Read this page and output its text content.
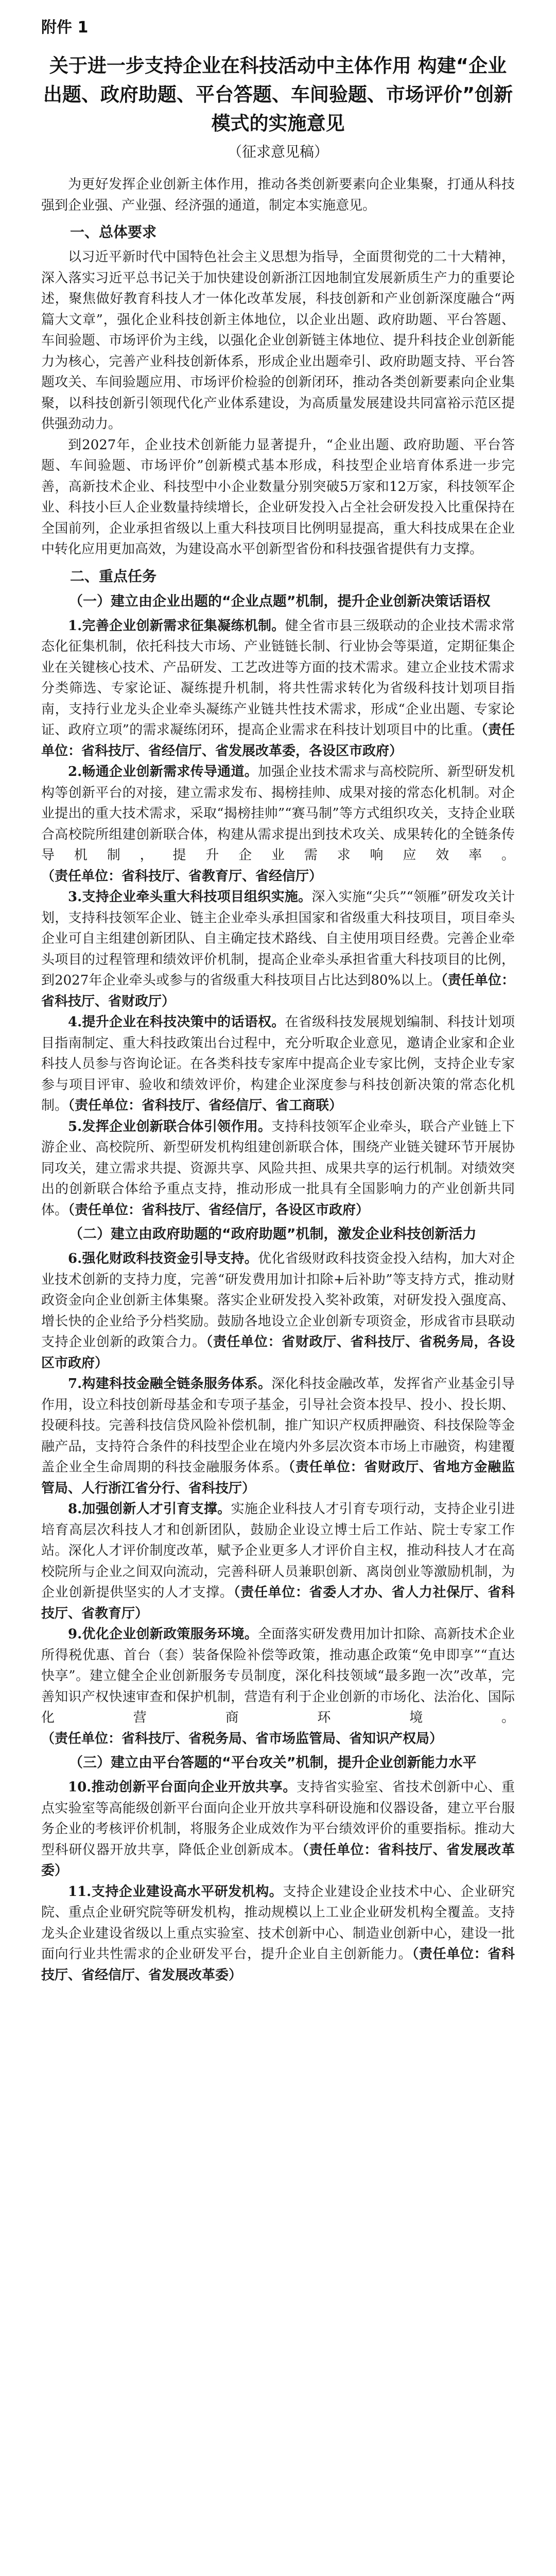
附件 1
关于进一步支持企业在科技活动中主体作用 构建“企业出题、政府助题、平台答题、车间验题、市场评价”创新模式的实施意见
（征求意见稿）

为更好发挥企业创新主体作用，推动各类创新要素向企业集聚，打通从科技强到企业强、产业强、经济强的通道，制定本实施意见。

一、总体要求

以习近平新时代中国特色社会主义思想为指导，全面贯彻党的二十大精神，深入落实习近平总书记关于加快建设创新浙江因地制宜发展新质生产力的重要论述，聚焦做好教育科技人才一体化改革发展，科技创新和产业创新深度融合“两篇大文章”，强化企业科技创新主体地位，以企业出题、政府助题、平台答题、车间验题、市场评价为主线，以强化企业创新链主体地位、提升科技企业创新能力为核心，完善产业科技创新体系，形成企业出题牵引、政府助题支持、平台答题攻关、车间验题应用、市场评价检验的创新闭环，推动各类创新要素向企业集聚，以科技创新引领现代化产业体系建设，为高质量发展建设共同富裕示范区提供强劲动力。

到2027年，企业技术创新能力显著提升，“企业出题、政府助题、平台答题、车间验题、市场评价”创新模式基本形成，科技型企业培育体系进一步完善，高新技术企业、科技型中小企业数量分别突破5万家和12万家，科技领军企业、科技小巨人企业数量持续增长，企业研发投入占全社会研发投入比重保持在全国前列，企业承担省级以上重大科技项目比例明显提高，重大科技成果在企业中转化应用更加高效，为建设高水平创新型省份和科技强省提供有力支撑。

二、重点任务
（一）建立由企业出题的“企业点题”机制，提升企业创新决策话语权

1.完善企业创新需求征集凝练机制。健全省市县三级联动的企业技术需求常态化征集机制，依托科技大市场、产业链链长制、行业协会等渠道，定期征集企业在关键核心技术、产品研发、工艺改进等方面的技术需求。建立企业技术需求分类筛选、专家论证、凝练提升机制，将共性需求转化为省级科技计划项目指南，支持行业龙头企业牵头凝练产业链共性技术需求，形成“企业出题、专家论证、政府立项”的需求凝练闭环，提高企业需求在科技计划项目中的比重。（责任单位：省科技厅、省经信厅、省发展改革委，各设区市政府）

2.畅通企业创新需求传导通道。加强企业技术需求与高校院所、新型研发机构等创新平台的对接，建立需求发布、揭榜挂帅、成果对接的常态化机制。对企业提出的重大技术需求，采取“揭榜挂帅”“赛马制”等方式组织攻关，支持企业联合高校院所组建创新联合体，构建从需求提出到技术攻关、成果转化的全链条传导机制，提升企业需求响应效率。（责任单位：省科技厅、省教育厅、省经信厅）

3.支持企业牵头重大科技项目组织实施。深入实施“尖兵”“领雁”研发攻关计划，支持科技领军企业、链主企业牵头承担国家和省级重大科技项目，项目牵头企业可自主组建创新团队、自主确定技术路线、自主使用项目经费。完善企业牵头项目的过程管理和绩效评价机制，提高企业牵头承担省重大科技项目的比例，到2027年企业牵头或参与的省级重大科技项目占比达到80%以上。（责任单位：省科技厅、省财政厅）

4.提升企业在科技决策中的话语权。在省级科技发展规划编制、科技计划项目指南制定、重大科技政策出台过程中，充分听取企业意见，邀请企业家和企业科技人员参与咨询论证。在各类科技专家库中提高企业专家比例，支持企业专家参与项目评审、验收和绩效评价，构建企业深度参与科技创新决策的常态化机制。（责任单位：省科技厅、省经信厅、省工商联）

5.发挥企业创新联合体引领作用。支持科技领军企业牵头，联合产业链上下游企业、高校院所、新型研发机构组建创新联合体，围绕产业链关键环节开展协同攻关，建立需求共提、资源共享、风险共担、成果共享的运行机制。对绩效突出的创新联合体给予重点支持，推动形成一批具有全国影响力的产业创新共同体。（责任单位：省科技厅、省经信厅，各设区市政府）

（二）建立由政府助题的“政府助题”机制，激发企业科技创新活力

6.强化财政科技资金引导支持。优化省级财政科技资金投入结构，加大对企业技术创新的支持力度，完善“研发费用加计扣除+后补助”等支持方式，推动财政资金向企业创新主体集聚。落实企业研发投入奖补政策，对研发投入强度高、增长快的企业给予分档奖励。鼓励各地设立企业创新专项资金，形成省市县联动支持企业创新的政策合力。（责任单位：省财政厅、省科技厅、省税务局，各设区市政府）

7.构建科技金融全链条服务体系。深化科技金融改革，发挥省产业基金引导作用，设立科技创新母基金和专项子基金，引导社会资本投早、投小、投长期、投硬科技。完善科技信贷风险补偿机制，推广知识产权质押融资、科技保险等金融产品，支持符合条件的科技型企业在境内外多层次资本市场上市融资，构建覆盖企业全生命周期的科技金融服务体系。（责任单位：省财政厅、省地方金融监管局、人行浙江省分行、省科技厅）

8.加强创新人才引育支撑。实施企业科技人才引育专项行动，支持企业引进培育高层次科技人才和创新团队，鼓励企业设立博士后工作站、院士专家工作站。深化人才评价制度改革，赋予企业更多人才评价自主权，推动科技人才在高校院所与企业之间双向流动，完善科研人员兼职创新、离岗创业等激励机制，为企业创新提供坚实的人才支撑。（责任单位：省委人才办、省人力社保厅、省科技厅、省教育厅）

9.优化企业创新政策服务环境。全面落实研发费用加计扣除、高新技术企业所得税优惠、首台（套）装备保险补偿等政策，推动惠企政策“免申即享”“直达快享”。建立健全企业创新服务专员制度，深化科技领域“最多跑一次”改革，完善知识产权快速审查和保护机制，营造有利于企业创新的市场化、法治化、国际化营商环境。（责任单位：省科技厅、省税务局、省市场监管局、省知识产权局）

（三）建立由平台答题的“平台攻关”机制，提升企业创新能力水平

10.推动创新平台面向企业开放共享。支持省实验室、省技术创新中心、重点实验室等高能级创新平台面向企业开放共享科研设施和仪器设备，建立平台服务企业的考核评价机制，将服务企业成效作为平台绩效评价的重要指标。推动大型科研仪器开放共享，降低企业创新成本。（责任单位：省科技厅、省发展改革委）

11.支持企业建设高水平研发机构。支持企业建设企业技术中心、企业研究院、重点企业研究院等研发机构，推动规模以上工业企业研发机构全覆盖。支持龙头企业建设省级以上重点实验室、技术创新中心、制造业创新中心，建设一批面向行业共性需求的企业研发平台，提升企业自主创新能力。（责任单位：省科技厅、省经信厅、省发展改革委）
